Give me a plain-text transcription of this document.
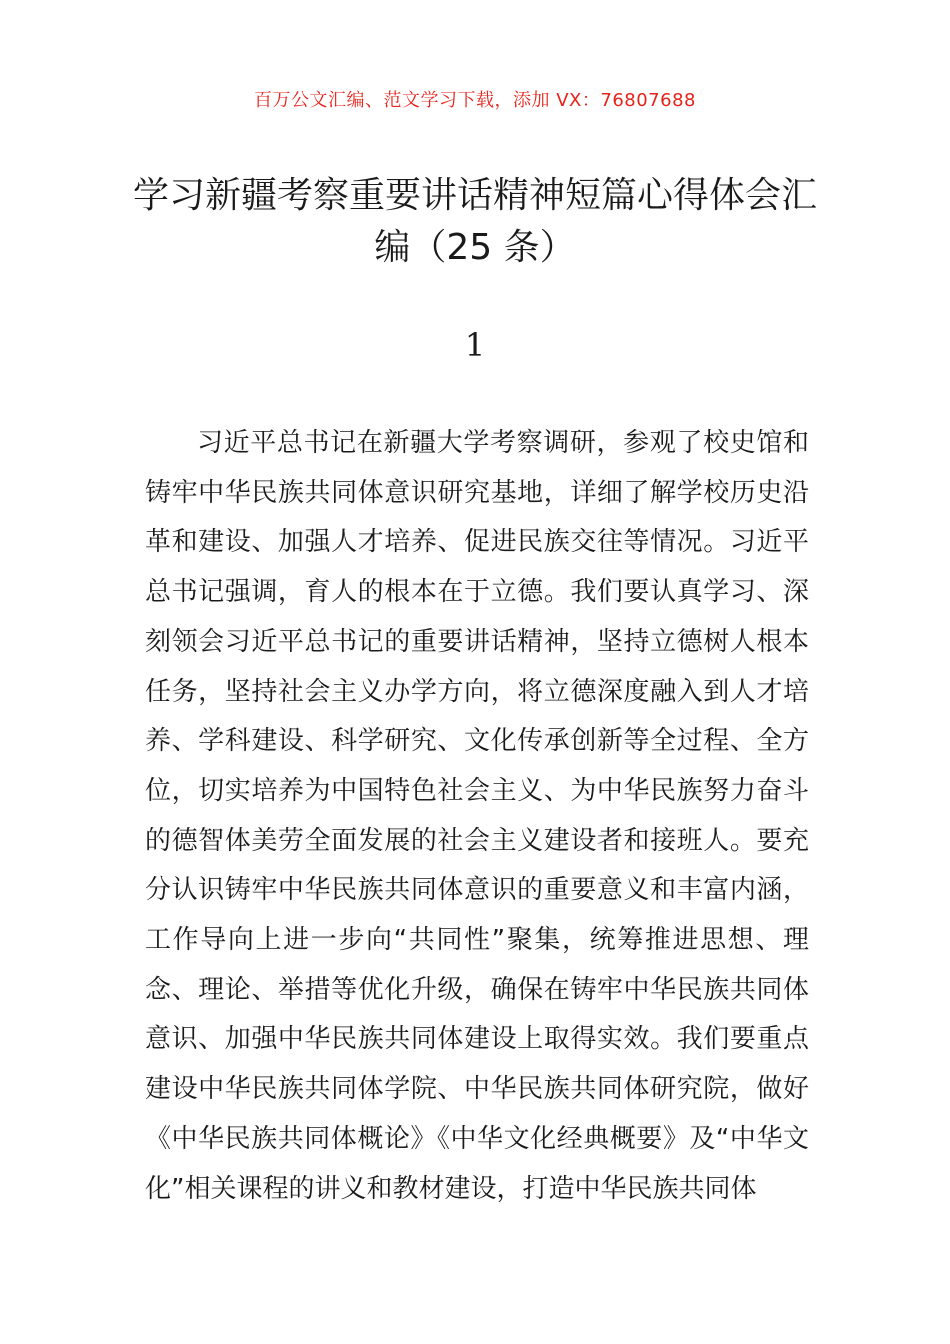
百万公文汇编、范文学习下载，添加 VX：76807688
学习新疆考察重要讲话精神短篇心得体会汇编（25 条）
1

习近平总书记在新疆大学考察调研，参观了校史馆和铸牢中华民族共同体意识研究基地，详细了解学校历史沿革和建设、加强人才培养、促进民族交往等情况。习近平总书记强调，育人的根本在于立德。我们要认真学习、深刻领会习近平总书记的重要讲话精神，坚持立德树人根本任务，坚持社会主义办学方向，将立德深度融入到人才培养、学科建设、科学研究、文化传承创新等全过程、全方位，切实培养为中国特色社会主义、为中华民族努力奋斗的德智体美劳全面发展的社会主义建设者和接班人。要充分认识铸牢中华民族共同体意识的重要意义和丰富内涵，工作导向上进一步向“共同性”聚集，统筹推进思想、理念、理论、举措等优化升级，确保在铸牢中华民族共同体意识、加强中华民族共同体建设上取得实效。我们要重点建设中华民族共同体学院、中华民族共同体研究院，做好《中华民族共同体概论》《中华文化经典概要》及“中华文化”相关课程的讲义和教材建设，打造中华民族共同体
